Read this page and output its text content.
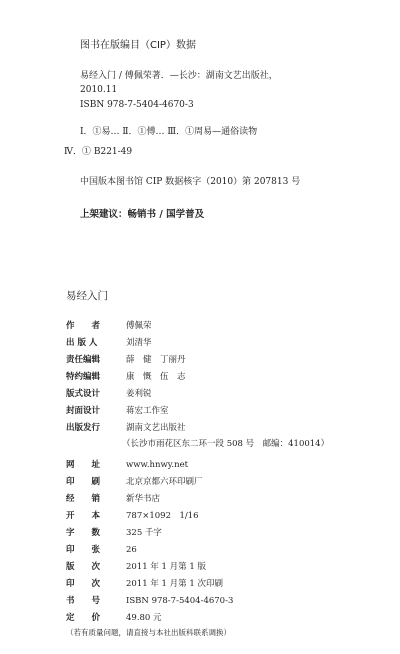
图书在版编目（CIP）数据
易经入门 / 傅佩荣著．—长沙：湖南文艺出版社，
2010.11
ISBN 978-7-5404-4670-3
Ⅰ．①易… Ⅱ．①傅… Ⅲ．①周易—通俗读物
Ⅳ．① B221-49
中国版本图书馆 CIP 数据核字（2010）第 207813 号
上架建议：畅销书 / 国学普及
易经入门
作　　者	傅佩荣
出 版 人	刘清华
责任编辑	薛　健　丁丽丹
特约编辑	康　慨　伍　志
版式设计	姜利锐
封面设计	蒋宏工作室
出版发行	湖南文艺出版社
（长沙市雨花区东二环一段 508 号　邮编：410014）
网　　址	www.hnwy.net
印　　刷	北京京都六环印刷厂
经　　销	新华书店
开　　本	787×1092　1/16
字　　数	325 千字
印　　张	26
版　　次	2011 年 1 月第 1 版
印　　次	2011 年 1 月第 1 次印刷
书　　号	ISBN 978-7-5404-4670-3
定　　价	49.80 元
（若有质量问题，请直接与本社出版科联系调换）
